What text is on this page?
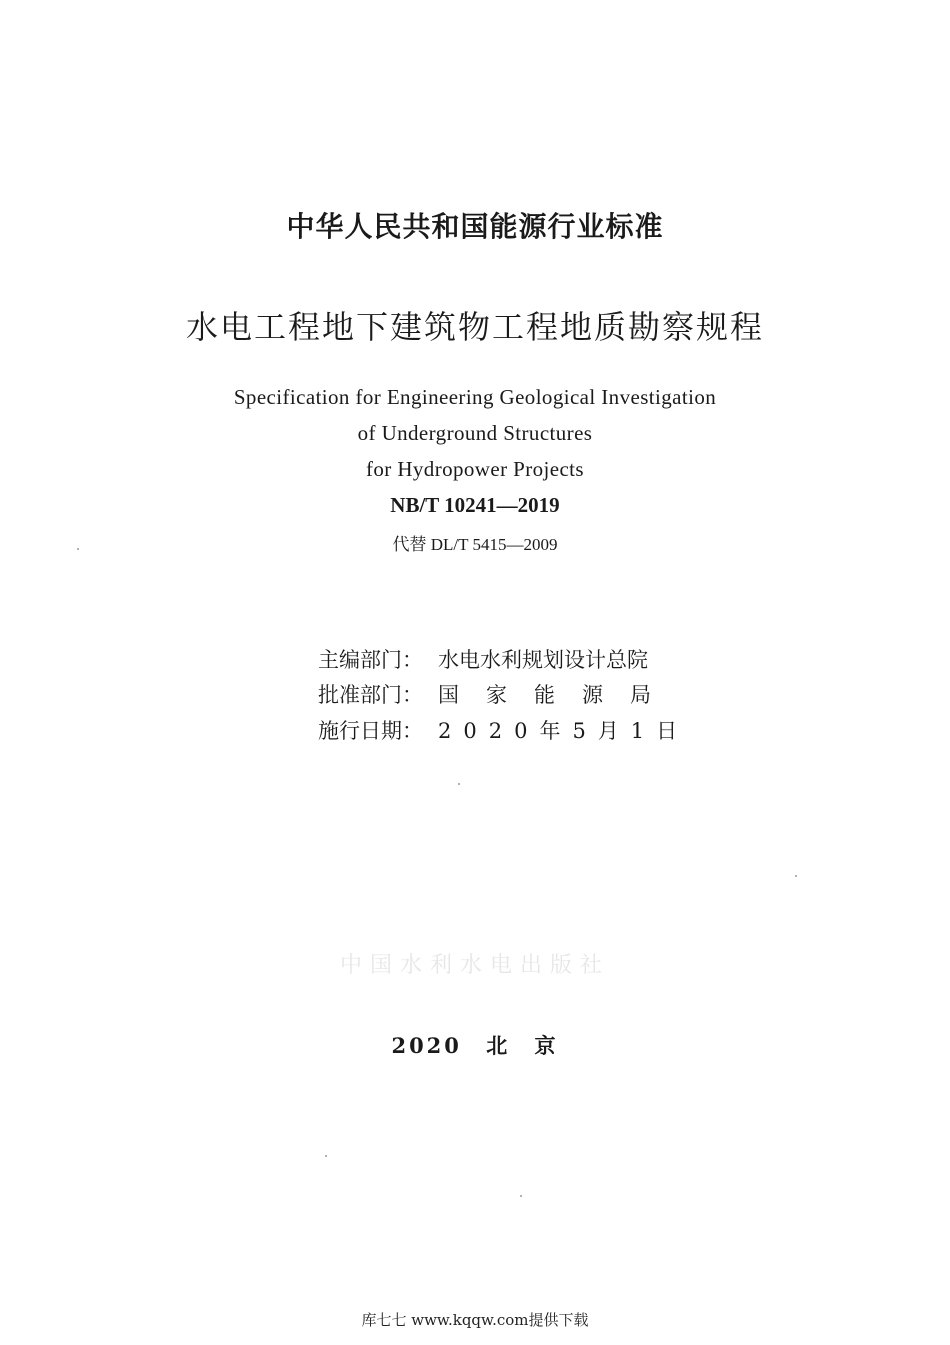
中华人民共和国能源行业标准
水电工程地下建筑物工程地质勘察规程
Specification for Engineering Geological Investigation
of Underground Structures
for Hydropower Projects
NB/T 10241—2019
代替 DL/T 5415—2009
主编部门： 水电水利规划设计总院
批准部门： 国家能源局
施行日期： 2020年5月1日
中国水利水电出版社
2020 北 京
库七七 www.kqqw.com提供下载
